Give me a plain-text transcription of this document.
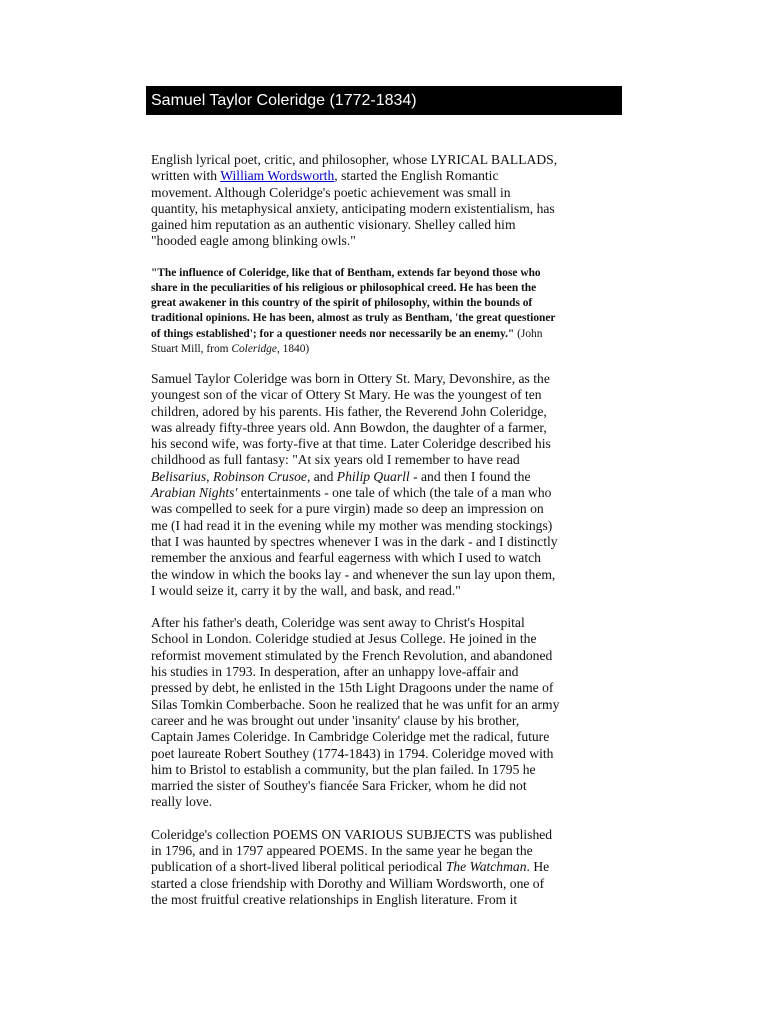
Samuel Taylor Coleridge (1772-1834)

English lyrical poet, critic, and philosopher, whose LYRICAL BALLADS,

written with William Wordsworth, started the English Romantic

movement. Although Coleridge's poetic achievement was small in

quantity, his metaphysical anxiety, anticipating modern existentialism, has

gained him reputation as an authentic visionary. Shelley called him

"hooded eagle among blinking owls."

"The influence of Coleridge, like that of Bentham, extends far beyond those who

share in the peculiarities of his religious or philosophical creed. He has been the

great awakener in this country of the spirit of philosophy, within the bounds of

traditional opinions. He has been, almost as truly as Bentham, 'the great questioner

of things established'; for a questioner needs nor necessarily be an enemy." (John

Stuart Mill, from Coleridge, 1840)

Samuel Taylor Coleridge was born in Ottery St. Mary, Devonshire, as the

youngest son of the vicar of Ottery St Mary. He was the youngest of ten

children, adored by his parents. His father, the Reverend John Coleridge,

was already fifty-three years old. Ann Bowdon, the daughter of a farmer,

his second wife, was forty-five at that time. Later Coleridge described his

childhood as full fantasy: "At six years old I remember to have read

Belisarius, Robinson Crusoe, and Philip Quarll - and then I found the

Arabian Nights' entertainments - one tale of which (the tale of a man who

was compelled to seek for a pure virgin) made so deep an impression on

me (I had read it in the evening while my mother was mending stockings)

that I was haunted by spectres whenever I was in the dark - and I distinctly

remember the anxious and fearful eagerness with which I used to watch

the window in which the books lay - and whenever the sun lay upon them,

I would seize it, carry it by the wall, and bask, and read."

After his father's death, Coleridge was sent away to Christ's Hospital

School in London. Coleridge studied at Jesus College. He joined in the

reformist movement stimulated by the French Revolution, and abandoned

his studies in 1793. In desperation, after an unhappy love-affair and

pressed by debt, he enlisted in the 15th Light Dragoons under the name of

Silas Tomkin Comberbache. Soon he realized that he was unfit for an army

career and he was brought out under 'insanity' clause by his brother,

Captain James Coleridge. In Cambridge Coleridge met the radical, future

poet laureate Robert Southey (1774-1843) in 1794. Coleridge moved with

him to Bristol to establish a community, but the plan failed. In 1795 he

married the sister of Southey's fiancée Sara Fricker, whom he did not

really love.

Coleridge's collection POEMS ON VARIOUS SUBJECTS was published

in 1796, and in 1797 appeared POEMS. In the same year he began the

publication of a short-lived liberal political periodical The Watchman. He

started a close friendship with Dorothy and William Wordsworth, one of

the most fruitful creative relationships in English literature. From it
